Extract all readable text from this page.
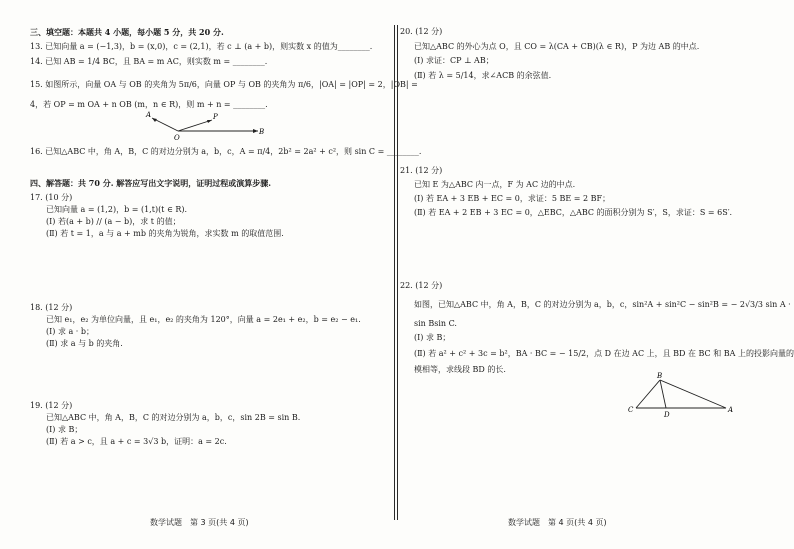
三、填空题：本题共 4 小题，每小题 5 分，共 20 分.
13. 已知向量 a = (−1,3)，b = (x,0)，c = (2,1)，若 c ⊥ (a + b)，则实数 x 的值为________.
14. 已知 AB = 1/4 BC，且 BA = m AC，则实数 m = ________.
15. 如图所示，向量 OA 与 OB 的夹角为 5π/6，向量 OP 与 OB 的夹角为 π/6，|OA| = |OP| = 2，|OB| =
4，若 OP = m OA + n OB (m，n ∈ R)，则 m + n = ________.
A	P
O
B
16. 已知△ABC 中，角 A，B，C 的对边分别为 a，b，c，A = π/4，2b² = 2a² + c²，则 sin C = ________.
四、解答题：共 70 分. 解答应写出文字说明，证明过程或演算步骤.
17. (10 分)
已知向量 a = (1,2)，b = (1,t)(t ∈ R).
(Ⅰ) 若(a + b) // (a − b)，求 t 的值；
(Ⅱ) 若 t = 1，a 与 a + mb 的夹角为锐角，求实数 m 的取值范围.
18. (12 分)
已知 e₁，e₂ 为单位向量，且 e₁，e₂ 的夹角为 120°，向量 a = 2e₁ + e₂，b = e₂ − e₁.
(Ⅰ) 求 a · b；
(Ⅱ) 求 a 与 b 的夹角.
19. (12 分)
已知△ABC 中，角 A，B，C 的对边分别为 a，b，c，sin 2B = sin B.
(Ⅰ) 求 B；
(Ⅱ) 若 a > c，且 a + c = 3√3 b，证明：a = 2c.
数学试题　第 3 页(共 4 页)
20. (12 分)
已知△ABC 的外心为点 O，且 CO = λ(CA + CB)(λ ∈ R)，P 为边 AB 的中点.
(Ⅰ) 求证：CP ⊥ AB；
(Ⅱ) 若 λ = 5/14，求∠ACB 的余弦值.
21. (12 分)
已知 E 为△ABC 内一点，F 为 AC 边的中点.
(Ⅰ) 若 EA + 3 EB + EC = 0，求证：5 BE = 2 BF；
(Ⅱ) 若 EA + 2 EB + 3 EC = 0，△EBC，△ABC 的面积分别为 S′，S，求证：S = 6S′.
22. (12 分)
如图，已知△ABC 中，角 A，B，C 的对边分别为 a，b，c，sin²A + sin²C − sin²B = − 2√3/3 sin A ·
sin Bsin C.
(Ⅰ) 求 B；
(Ⅱ) 若 a² + c² + 3c = b²，BA · BC = − 15/2，点 D 在边 AC 上，且 BD 在 BC 和 BA 上的投影向量的
模相等，求线段 BD 的长.
B
C
D
A
数学试题　第 4 页(共 4 页)
